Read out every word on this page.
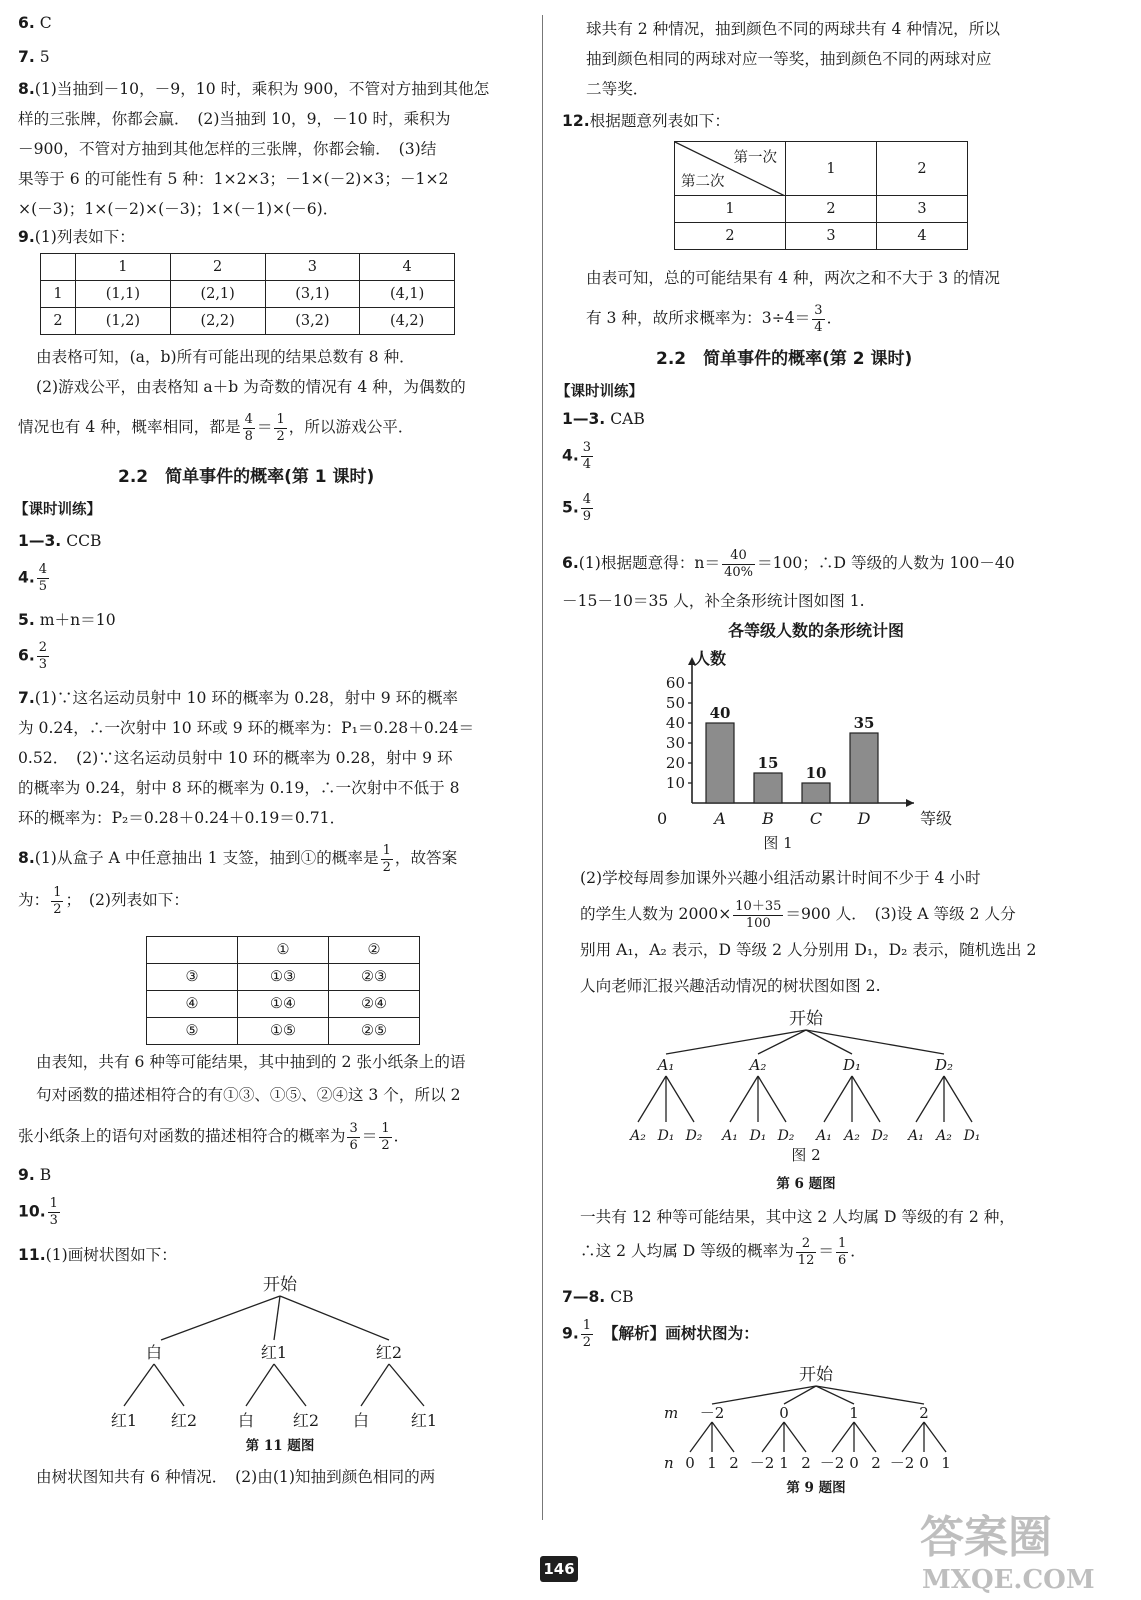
6. C
7. 5
8.(1)当抽到－10，－9，10 时，乘积为 900，不管对方抽到其他怎
样的三张牌，你都会赢．　(2)当抽到 10，9，－10 时，乘积为
－900，不管对方抽到其他怎样的三张牌，你都会输．　(3)结
果等于 6 的可能性有 5 种：1×2×3；－1×(－2)×3；－1×2
×(－3)；1×(－2)×(－3)；1×(－1)×(－6)．
9.(1)列表如下：
	1	2	3	4
1	(1,1)	(2,1)	(3,1)	(4,1)
2	(1,2)	(2,2)	(3,2)	(4,2)
由表格可知，(a，b)所有可能出现的结果总数有 8 种．
(2)游戏公平，由表格知 a＋b 为奇数的情况有 4 种，为偶数的
情况也有 4 种，概率相同，都是 $\frac{4}{8} = \frac{1}{2}$ ，所以游戏公平．
2.2　简单事件的概率(第 1 课时)
【课时训练】
1—3. CCB
4. $\frac{4}{5}$
5. m＋n＝10
6. $\frac{2}{3}$
7.(1)∵这名运动员射中 10 环的概率为 0.28，射中 9 环的概率
为 0.24，∴一次射中 10 环或 9 环的概率为：P₁＝0.28＋0.24＝
0.52．　(2)∵这名运动员射中 10 环的概率为 0.28，射中 9 环
的概率为 0.24，射中 8 环的概率为 0.19，∴一次射中不低于 8
环的概率为：P₂＝0.28＋0.24＋0.19＝0.71．
8.(1)从盒子 A 中任意抽出 1 支签，抽到①的概率是 $\frac{1}{2}$ ，故答案
为： $\frac{1}{2}$ ；　(2)列表如下：
	①	②
③	①③	②③
④	①④	②④
⑤	①⑤	②⑤
由表知，共有 6 种等可能结果，其中抽到的 2 张小纸条上的语
句对函数的描述相符合的有①③、①⑤、②④这 3 个，所以 2
张小纸条上的语句对函数的描述相符合的概率为 $\frac{3}{6} = \frac{1}{2}$ ．
9. B
10. $\frac{1}{3}$
11.(1)画树状图如下：
开始
白	红1	红2
红1 红2	白 红2 白	红1
第 11 题图
由树状图知共有 6 种情况．　(2)由(1)知抽到颜色相同的两
球共有 2 种情况，抽到颜色不同的两球共有 4 种情况，所以
抽到颜色相同的两球对应一等奖，抽到颜色不同的两球对应
二等奖．
12.根据题意列表如下：
第一次
第二次	1	2
1	2	3
2	3	4
由表可知，总的可能结果有 4 种，两次之和不大于 3 的情况
有 3 种，故所求概率为：$3\div 4= \frac{3}{4}$ ．
2.2　简单事件的概率(第 2 课时)
【课时训练】
1—3. CAB
4. $\frac{3}{4}$
5. $\frac{4}{9}$
6.(1)根据题意得：$n= \frac{40}{40\%} =100$；∴D 等级的人数为 100－40
－15－10＝35 人，补全条形统计图如图 1.
各等级人数的条形统计图
人数
等级
0
10
20
30
40
50
60
40
A
15
B
10
C
35
D
图 1
(2)学校每周参加课外兴趣小组活动累计时间不少于 4 小时
的学生人数为 $2000\times \frac{10+35}{100} =900$ 人．　(3)设 A 等级 2 人分
别用 A₁，A₂ 表示，D 等级 2 人分别用 D₁，D₂ 表示，随机选出 2
人向老师汇报兴趣活动情况的树状图如图 2.
开始
A₁
A₂ D₁ D₂
A₂
A₁ D₁ D₂
D₁
A₁ A₂ D₂
D₂
A₁ A₂ D₁
图 2
第 6 题图
一共有 12 种等可能结果，其中这 2 人均属 D 等级的有 2 种，
∴这 2 人均属 D 等级的概率为 $\frac{2}{12} = \frac{1}{6}$ ．
7—8. CB
9. $\frac{1}{2}$
　 【解析】画树状图为：
开始
m
n
－2
0 1 2
0
－2 1 2
1
－2 0 2
2
－2 0 1
第 9 题图
146
答案圈
MXQE.COM
